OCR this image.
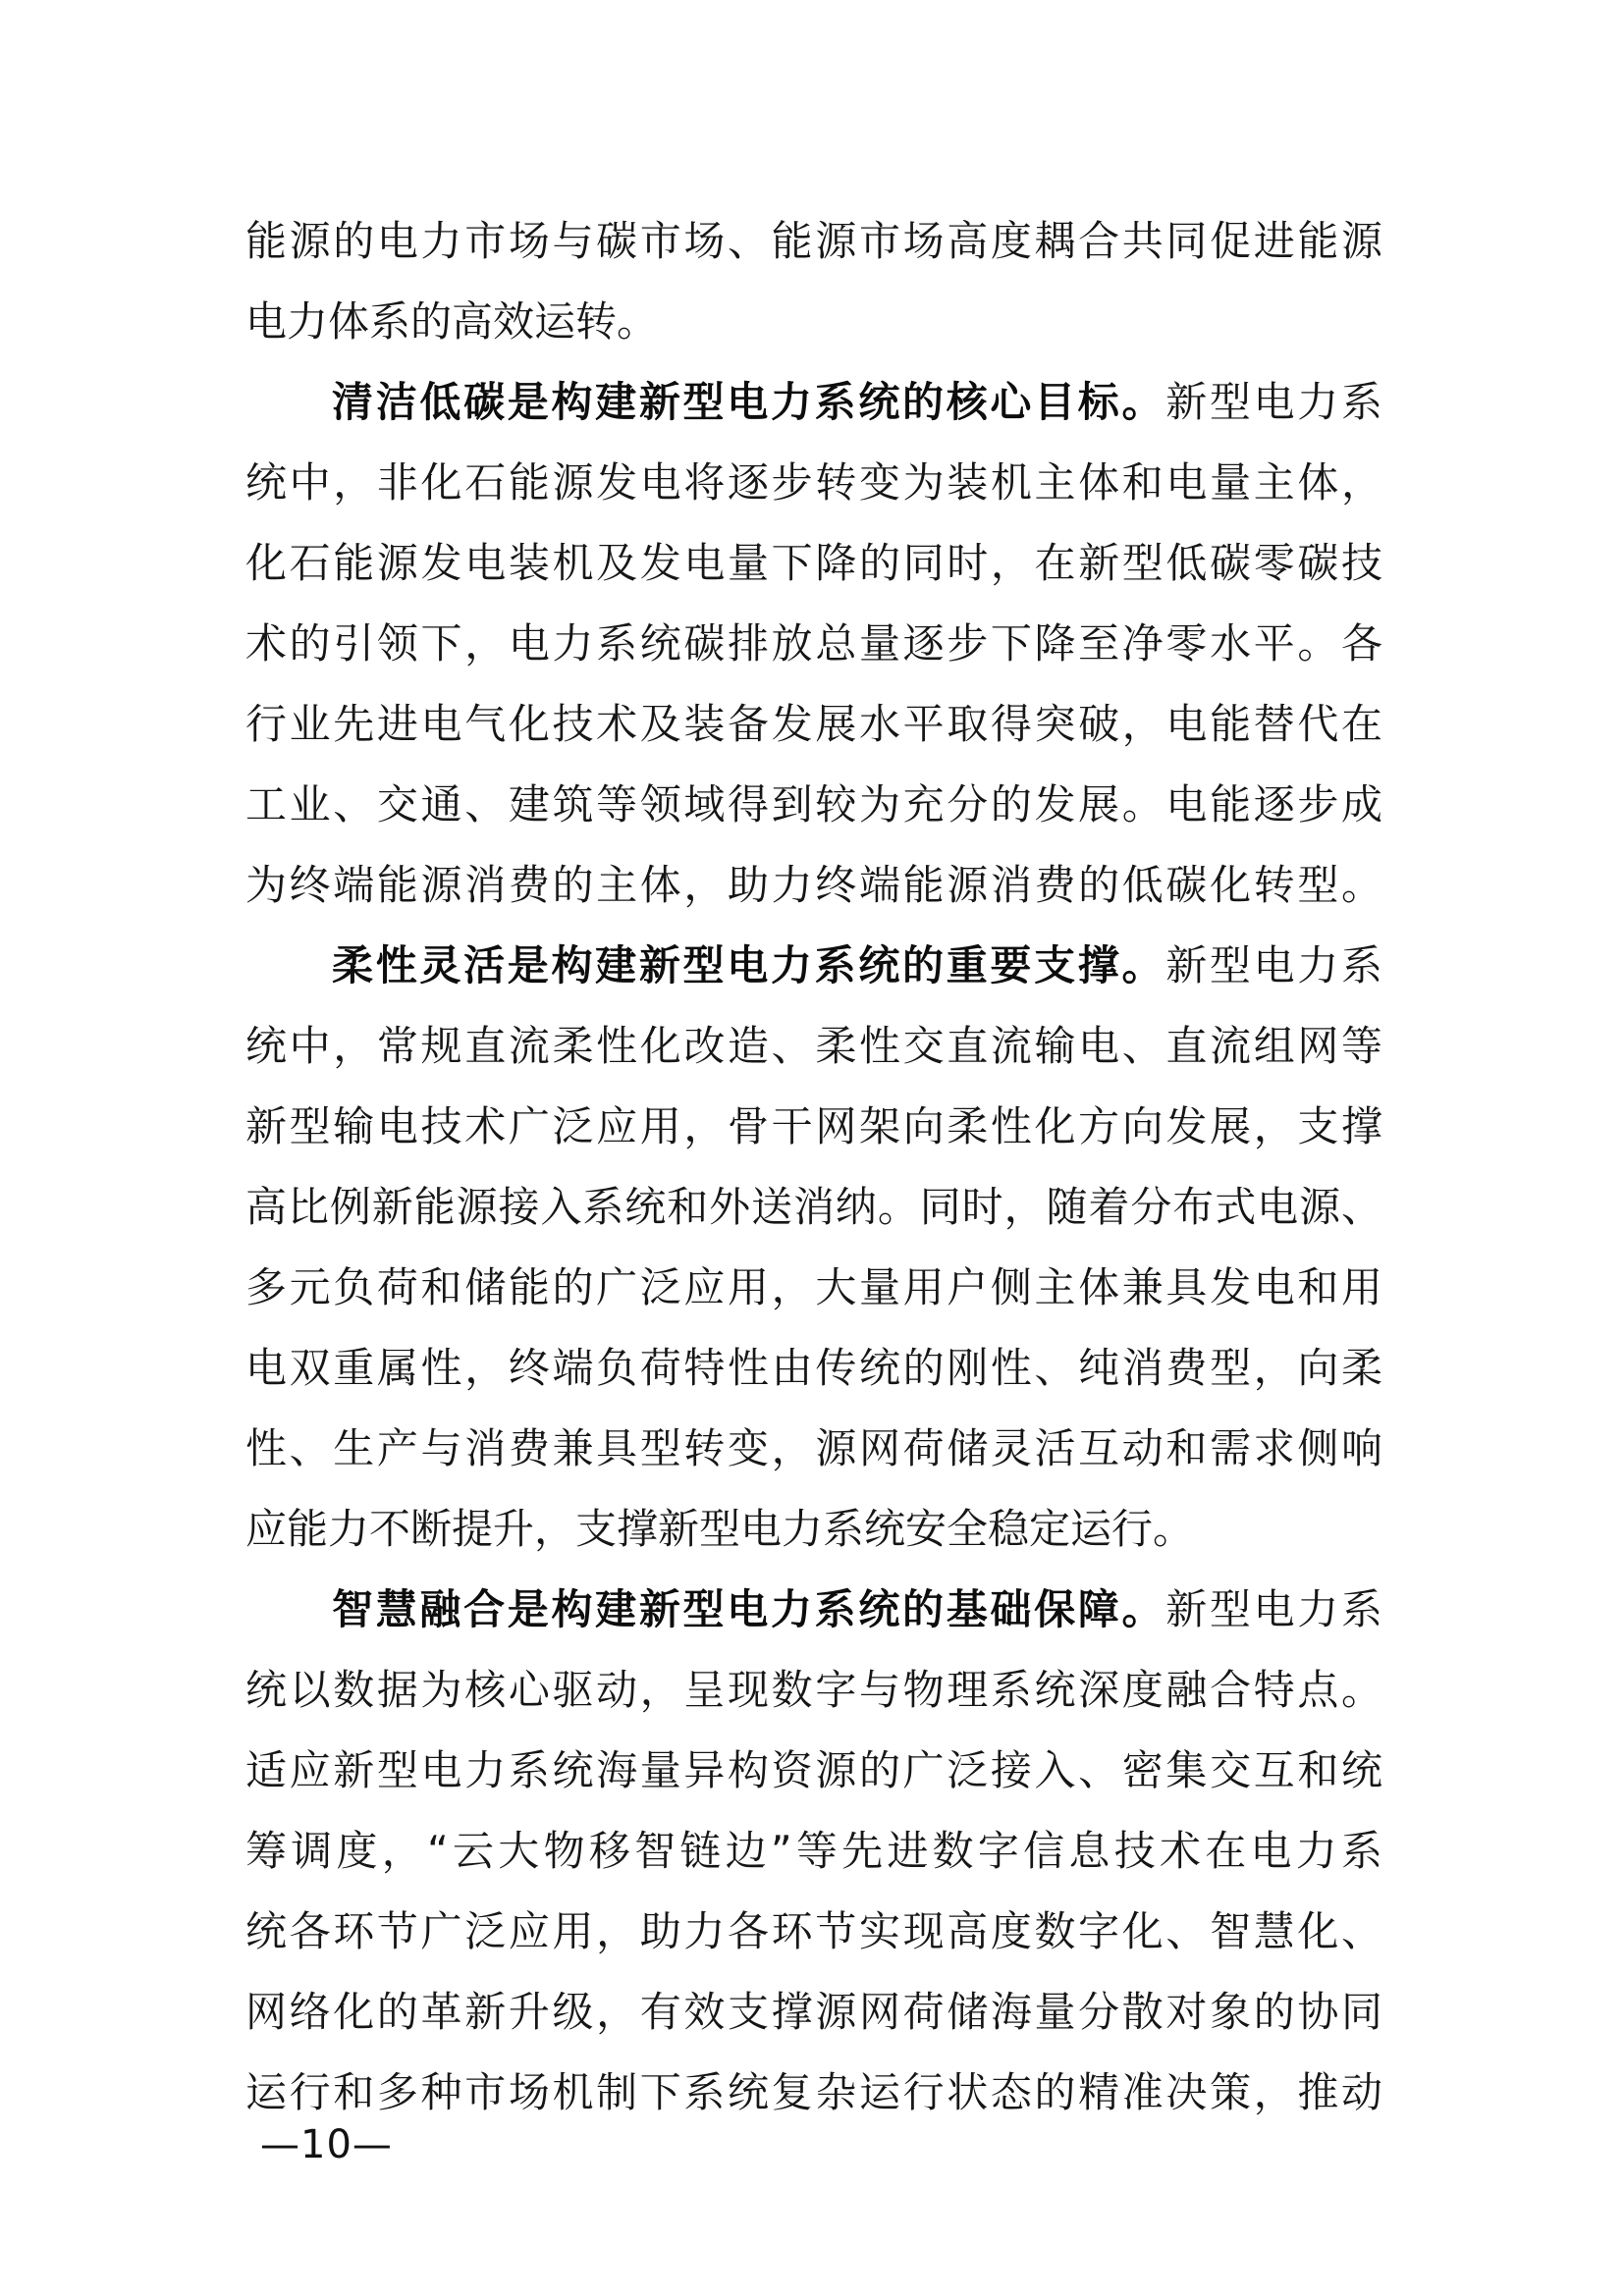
能源的电力市场与碳市场、能源市场高度耦合共同促进能源
电力体系的高效运转。
清洁低碳是构建新型电力系统的核心目标。新型电力系
统中，非化石能源发电将逐步转变为装机主体和电量主体，
化石能源发电装机及发电量下降的同时，在新型低碳零碳技
术的引领下，电力系统碳排放总量逐步下降至净零水平。各
行业先进电气化技术及装备发展水平取得突破，电能替代在
工业、交通、建筑等领域得到较为充分的发展。电能逐步成
为终端能源消费的主体，助力终端能源消费的低碳化转型。
柔性灵活是构建新型电力系统的重要支撑。新型电力系
统中，常规直流柔性化改造、柔性交直流输电、直流组网等
新型输电技术广泛应用，骨干网架向柔性化方向发展，支撑
高比例新能源接入系统和外送消纳。同时，随着分布式电源、
多元负荷和储能的广泛应用，大量用户侧主体兼具发电和用
电双重属性，终端负荷特性由传统的刚性、纯消费型，向柔
性、生产与消费兼具型转变，源网荷储灵活互动和需求侧响
应能力不断提升，支撑新型电力系统安全稳定运行。
智慧融合是构建新型电力系统的基础保障。新型电力系
统以数据为核心驱动，呈现数字与物理系统深度融合特点。
适应新型电力系统海量异构资源的广泛接入、密集交互和统
筹调度，“云大物移智链边”等先进数字信息技术在电力系
统各环节广泛应用，助力各环节实现高度数字化、智慧化、
网络化的革新升级，有效支撑源网荷储海量分散对象的协同
运行和多种市场机制下系统复杂运行状态的精准决策，推动
—10—
